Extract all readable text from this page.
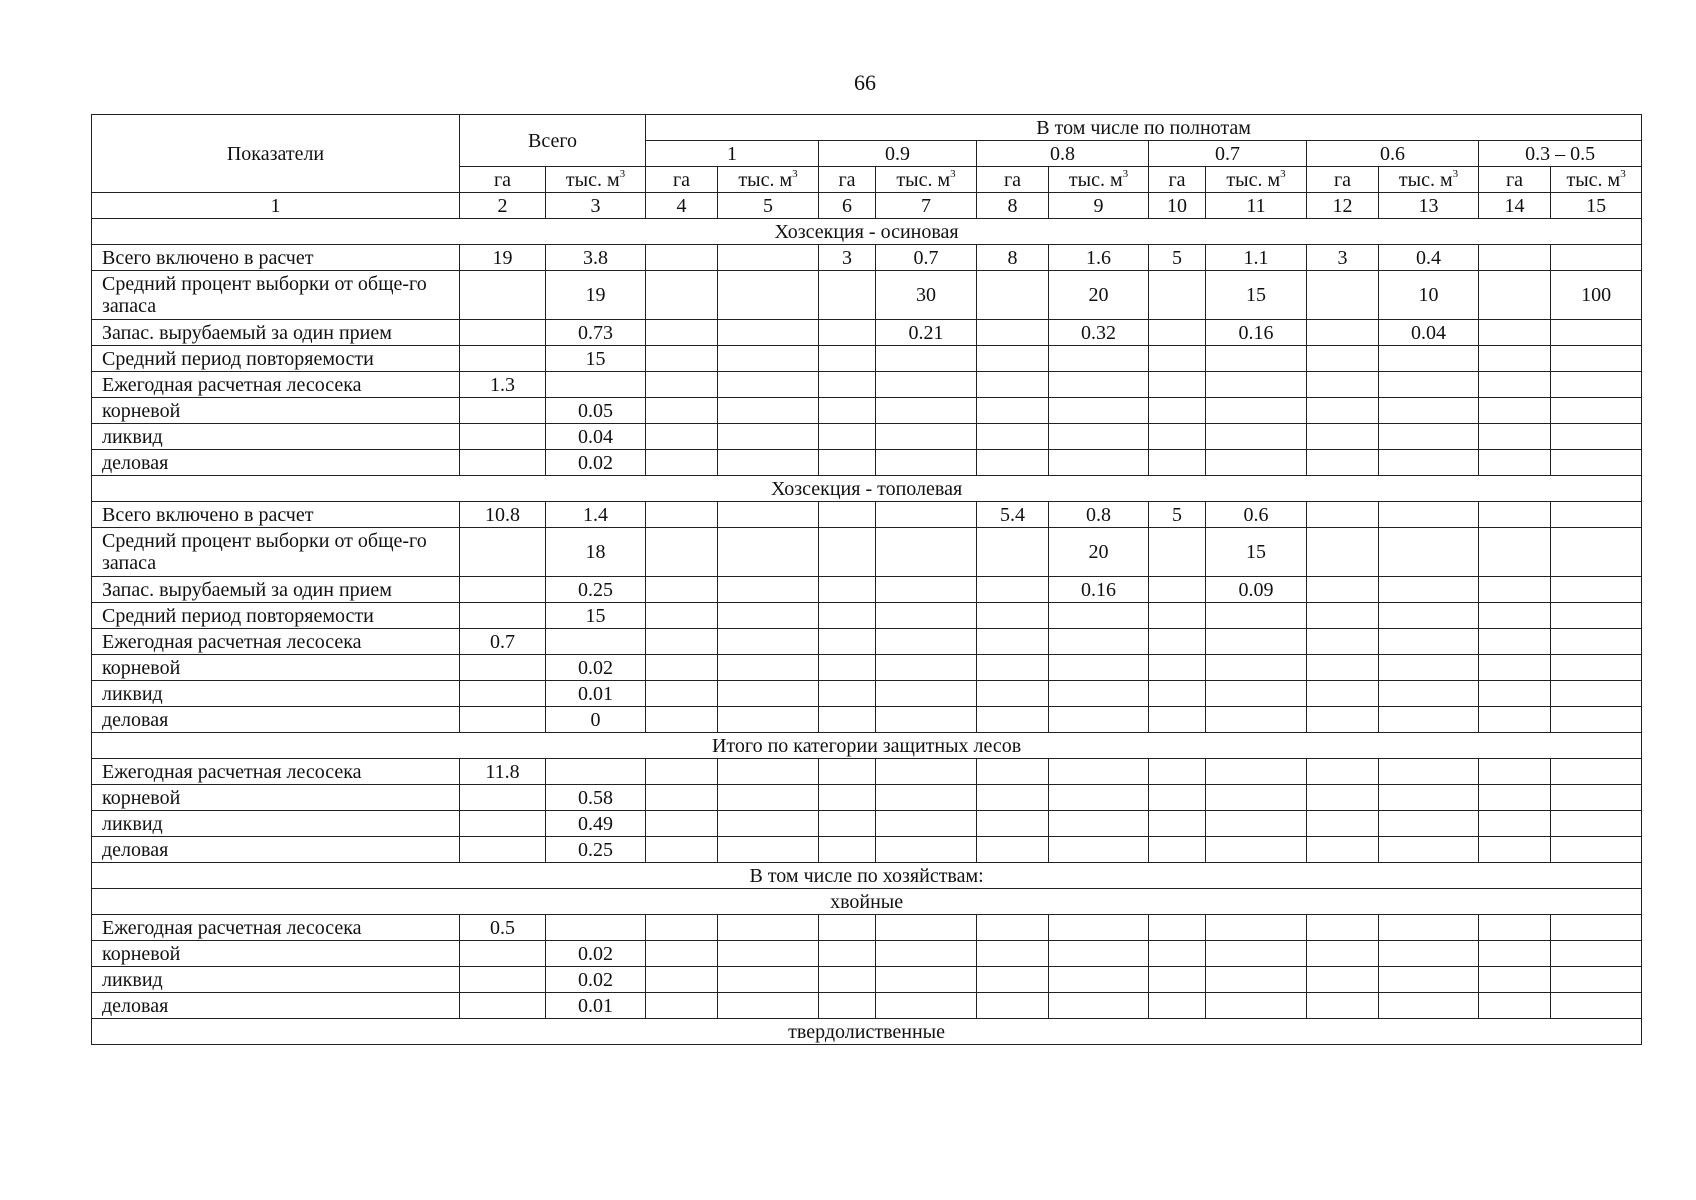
66
Показатели	Всего		В том числе по полнотам											
			1		0.9		0.8		0.7		0.6		0.3 – 0.5	
	га	тыс. $м^3$	га	тыс. $м^3$	га	тыс. $м^3$	га	тыс. $м^3$	га	тыс. $м^3$	га	тыс. $м^3$	га	тыс. $м^3$
1	2	3	4	5	6	7	8	9	10	11	12	13	14	15
Хозсекция - осиновая														
Всего включено в расчет	19	3.8			3	0.7	8	1.6	5	1.1	3	0.4		
Средний процент выборки от обще-го запаса		19				30		20		15		10		100
Запас. вырубаемый за один прием		0.73				0.21		0.32		0.16		0.04		
Средний период повторяемости		15												
Ежегодная расчетная лесосека	1.3													
корневой		0.05												
ликвид		0.04												
деловая		0.02												
Хозсекция - тополевая														
Всего включено в расчет	10.8	1.4					5.4	0.8	5	0.6				
Средний процент выборки от обще-го запаса		18						20		15				
Запас. вырубаемый за один прием		0.25						0.16		0.09				
Средний период повторяемости		15												
Ежегодная расчетная лесосека	0.7													
корневой		0.02												
ликвид		0.01												
деловая		0												
Итого по категории защитных лесов														
Ежегодная расчетная лесосека	11.8													
корневой		0.58												
ликвид		0.49												
деловая		0.25												
В том числе по хозяйствам:														
хвойные														
Ежегодная расчетная лесосека	0.5													
корневой		0.02												
ликвид		0.02												
деловая		0.01												
твердолиственные														
